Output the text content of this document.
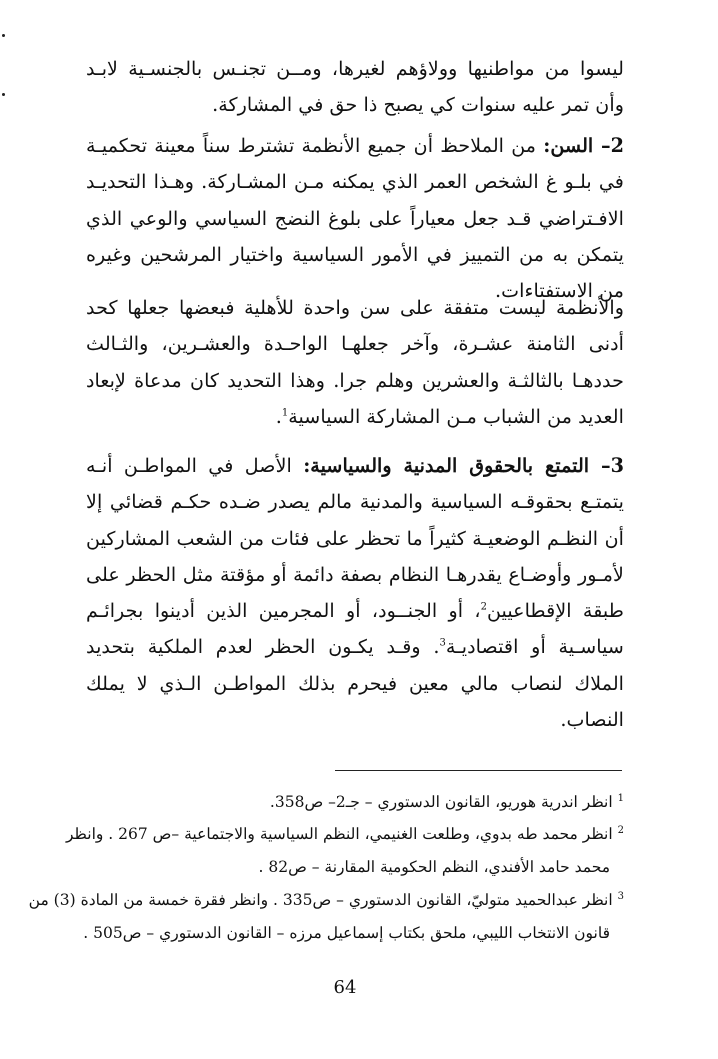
ليسوا من مواطنيها وولاؤهم لغيرها، ومــن تجنـس بالجنسـية لابـد وأن تمر عليه سنوات كي يصبح ذا حق في المشاركة.

2– السن: من الملاحظ أن جميع الأنظمة تشترط سناً معينة تحكميـة في بلـو غ الشخص العمر الذي يمكنه مـن المشـاركة. وهـذا التحديـد الافـتراضي قـد جعل معياراً على بلوغ النضج السياسي والوعي الذي يتمكن به من التمييز في الأمور السياسية واختيار المرشحين وغيره من الاستفتاءات.

والأنظمة ليست متفقة على سن واحدة للأهلية فبعضها جعلها كحد أدنى الثامنة عشـرة، وآخر جعلهـا الواحـدة والعشـرين، والثـالث حددهـا بالثالثـة والعشرين وهلم جرا. وهذا التحديد كان مدعاة لإبعاد العديد من الشباب مـن المشاركة السياسية$^1$.

3– التمتع بالحقوق المدنية والسياسية: الأصل في المواطـن أنـه يتمتـع بحقوقـه السياسية والمدنية مالم يصدر ضـده حكـم قضائي إلا أن النظـم الوضعيـة كثيراً ما تحظر على فئات من الشعب المشاركين لأمـور وأوضـاع يقدرهـا النظام بصفة دائمة أو مؤقتة مثل الحظر على طبقة الإقطاعيين$^2$، أو الجنــود، أو المجرمين الذين أدينوا بجرائـم سياسـية أو اقتصاديـة$^3$. وقـد يكـون الحظر لعدم الملكية بتحديد الملاك لنصاب مالي معين فيحرم بذلك المواطـن الـذي لا يملك النصاب.

$^1$ انظر اندرية هوريو، القانون الدستوري – جـ2– ص358.

$^2$ انظر محمد طه بدوي، وطلعت الغنيمي، النظم السياسية والاجتماعية –ص 267 . وانظر
محمد حامد الأفندي، النظم الحكومية المقارنة – ص82 .

$^3$ انظر عبدالحميد متوليّ، القانون الدستوري – ص335 . وانظر فقرة خمسة من المادة (3) من
قانون الانتخاب الليبي، ملحق بكتاب إسماعيل مرزه – القانون الدستوري – ص505 .

64
